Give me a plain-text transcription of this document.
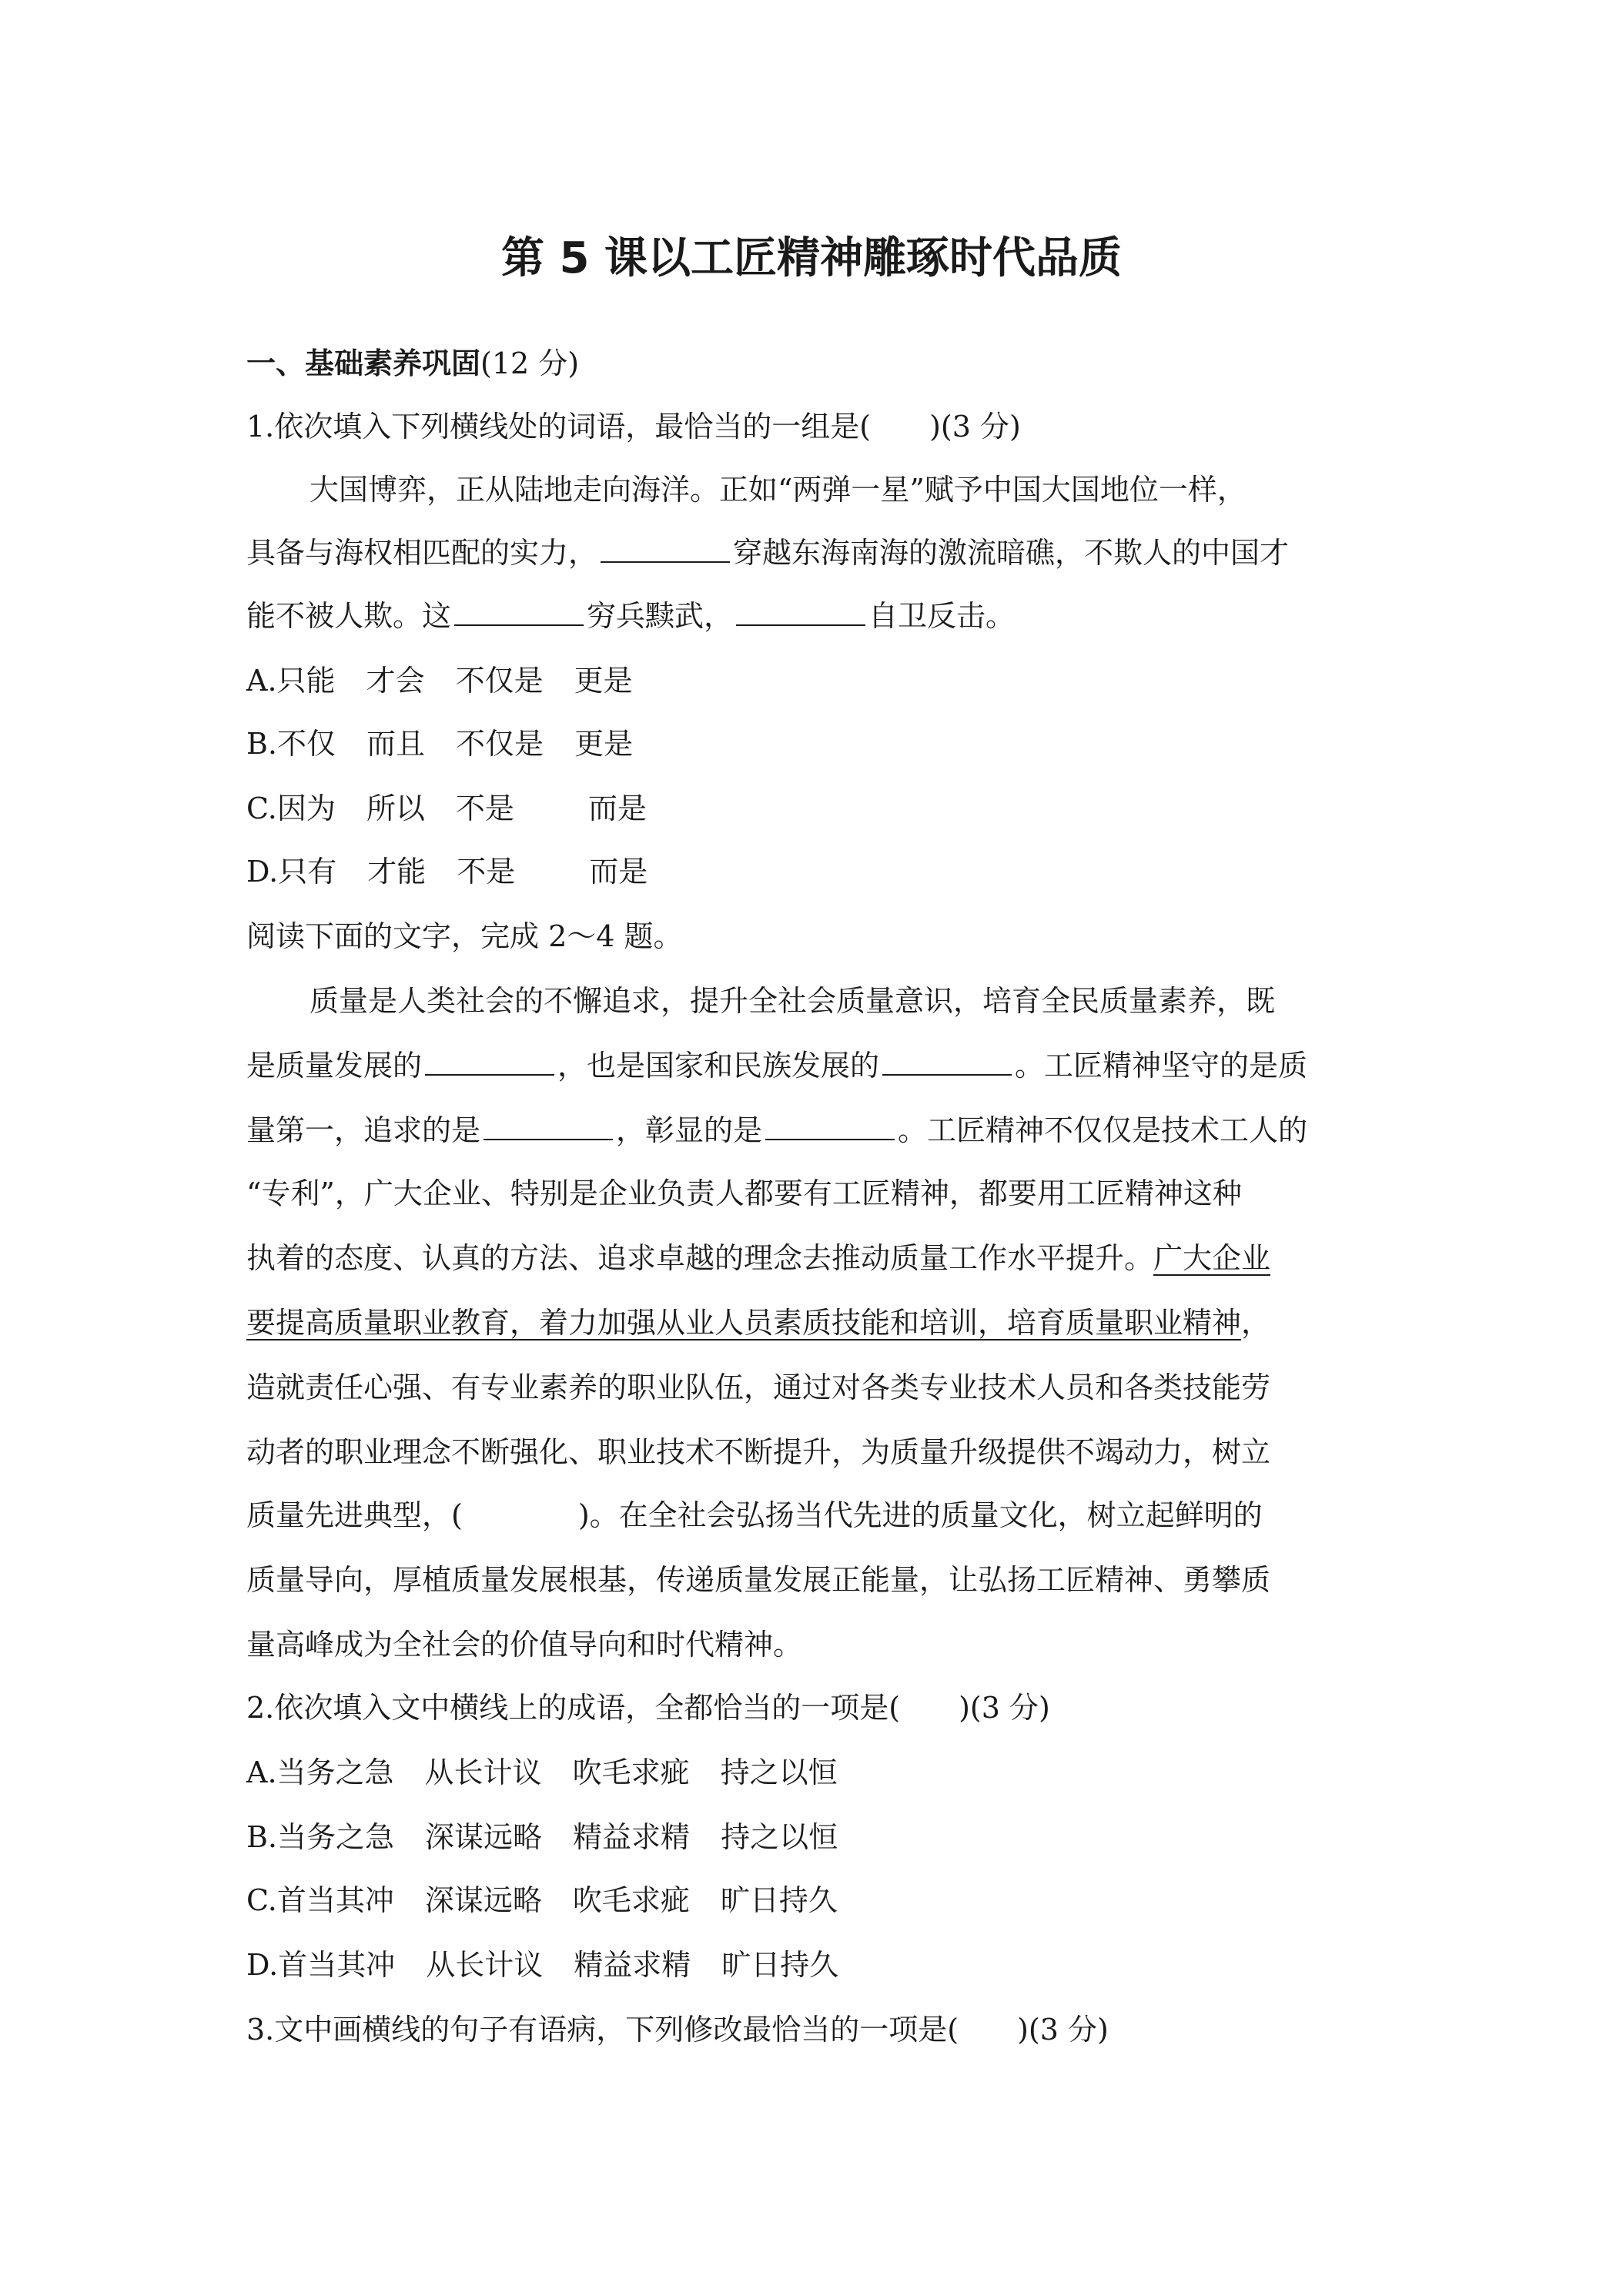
第 5 课以工匠精神雕琢时代品质
一、基础素养巩固(12 分)
1.依次填入下列横线处的词语，最恰当的一组是( )(3 分)
大国博弈，正从陆地走向海洋。正如“两弹一星”赋予中国大国地位一样，
具备与海权相匹配的实力，	穿越东海南海的激流暗礁，不欺人的中国才
能不被人欺。这	穷兵黩武，	自卫反击。
A.只能 才会 不仅是 更是
B.不仅 而且 不仅是 更是
C.因为 所以 不是	而是
D.只有 才能 不是	而是
阅读下面的文字，完成 2～4 题。
质量是人类社会的不懈追求，提升全社会质量意识，培育全民质量素养，既
是质量发展的	，也是国家和民族发展的	。工匠精神坚守的是质
量第一，追求的是	，彰显的是	。工匠精神不仅仅是技术工人的
“专利”，广大企业、特别是企业负责人都要有工匠精神，都要用工匠精神这种
执着的态度、认真的方法、追求卓越的理念去推动质量工作水平提升。广大企业
要提高质量职业教育，着力加强从业人员素质技能和培训，培育质量职业精神，
造就责任心强、有专业素养的职业队伍，通过对各类专业技术人员和各类技能劳
动者的职业理念不断强化、职业技术不断提升，为质量升级提供不竭动力，树立
质量先进典型，(	)。在全社会弘扬当代先进的质量文化，树立起鲜明的
质量导向，厚植质量发展根基，传递质量发展正能量，让弘扬工匠精神、勇攀质
量高峰成为全社会的价值导向和时代精神。
2.依次填入文中横线上的成语，全都恰当的一项是( )(3 分)
A.当务之急 从长计议 吹毛求疵 持之以恒
B.当务之急 深谋远略 精益求精 持之以恒
C.首当其冲 深谋远略 吹毛求疵 旷日持久
D.首当其冲 从长计议 精益求精 旷日持久
3.文中画横线的句子有语病，下列修改最恰当的一项是( )(3 分)
